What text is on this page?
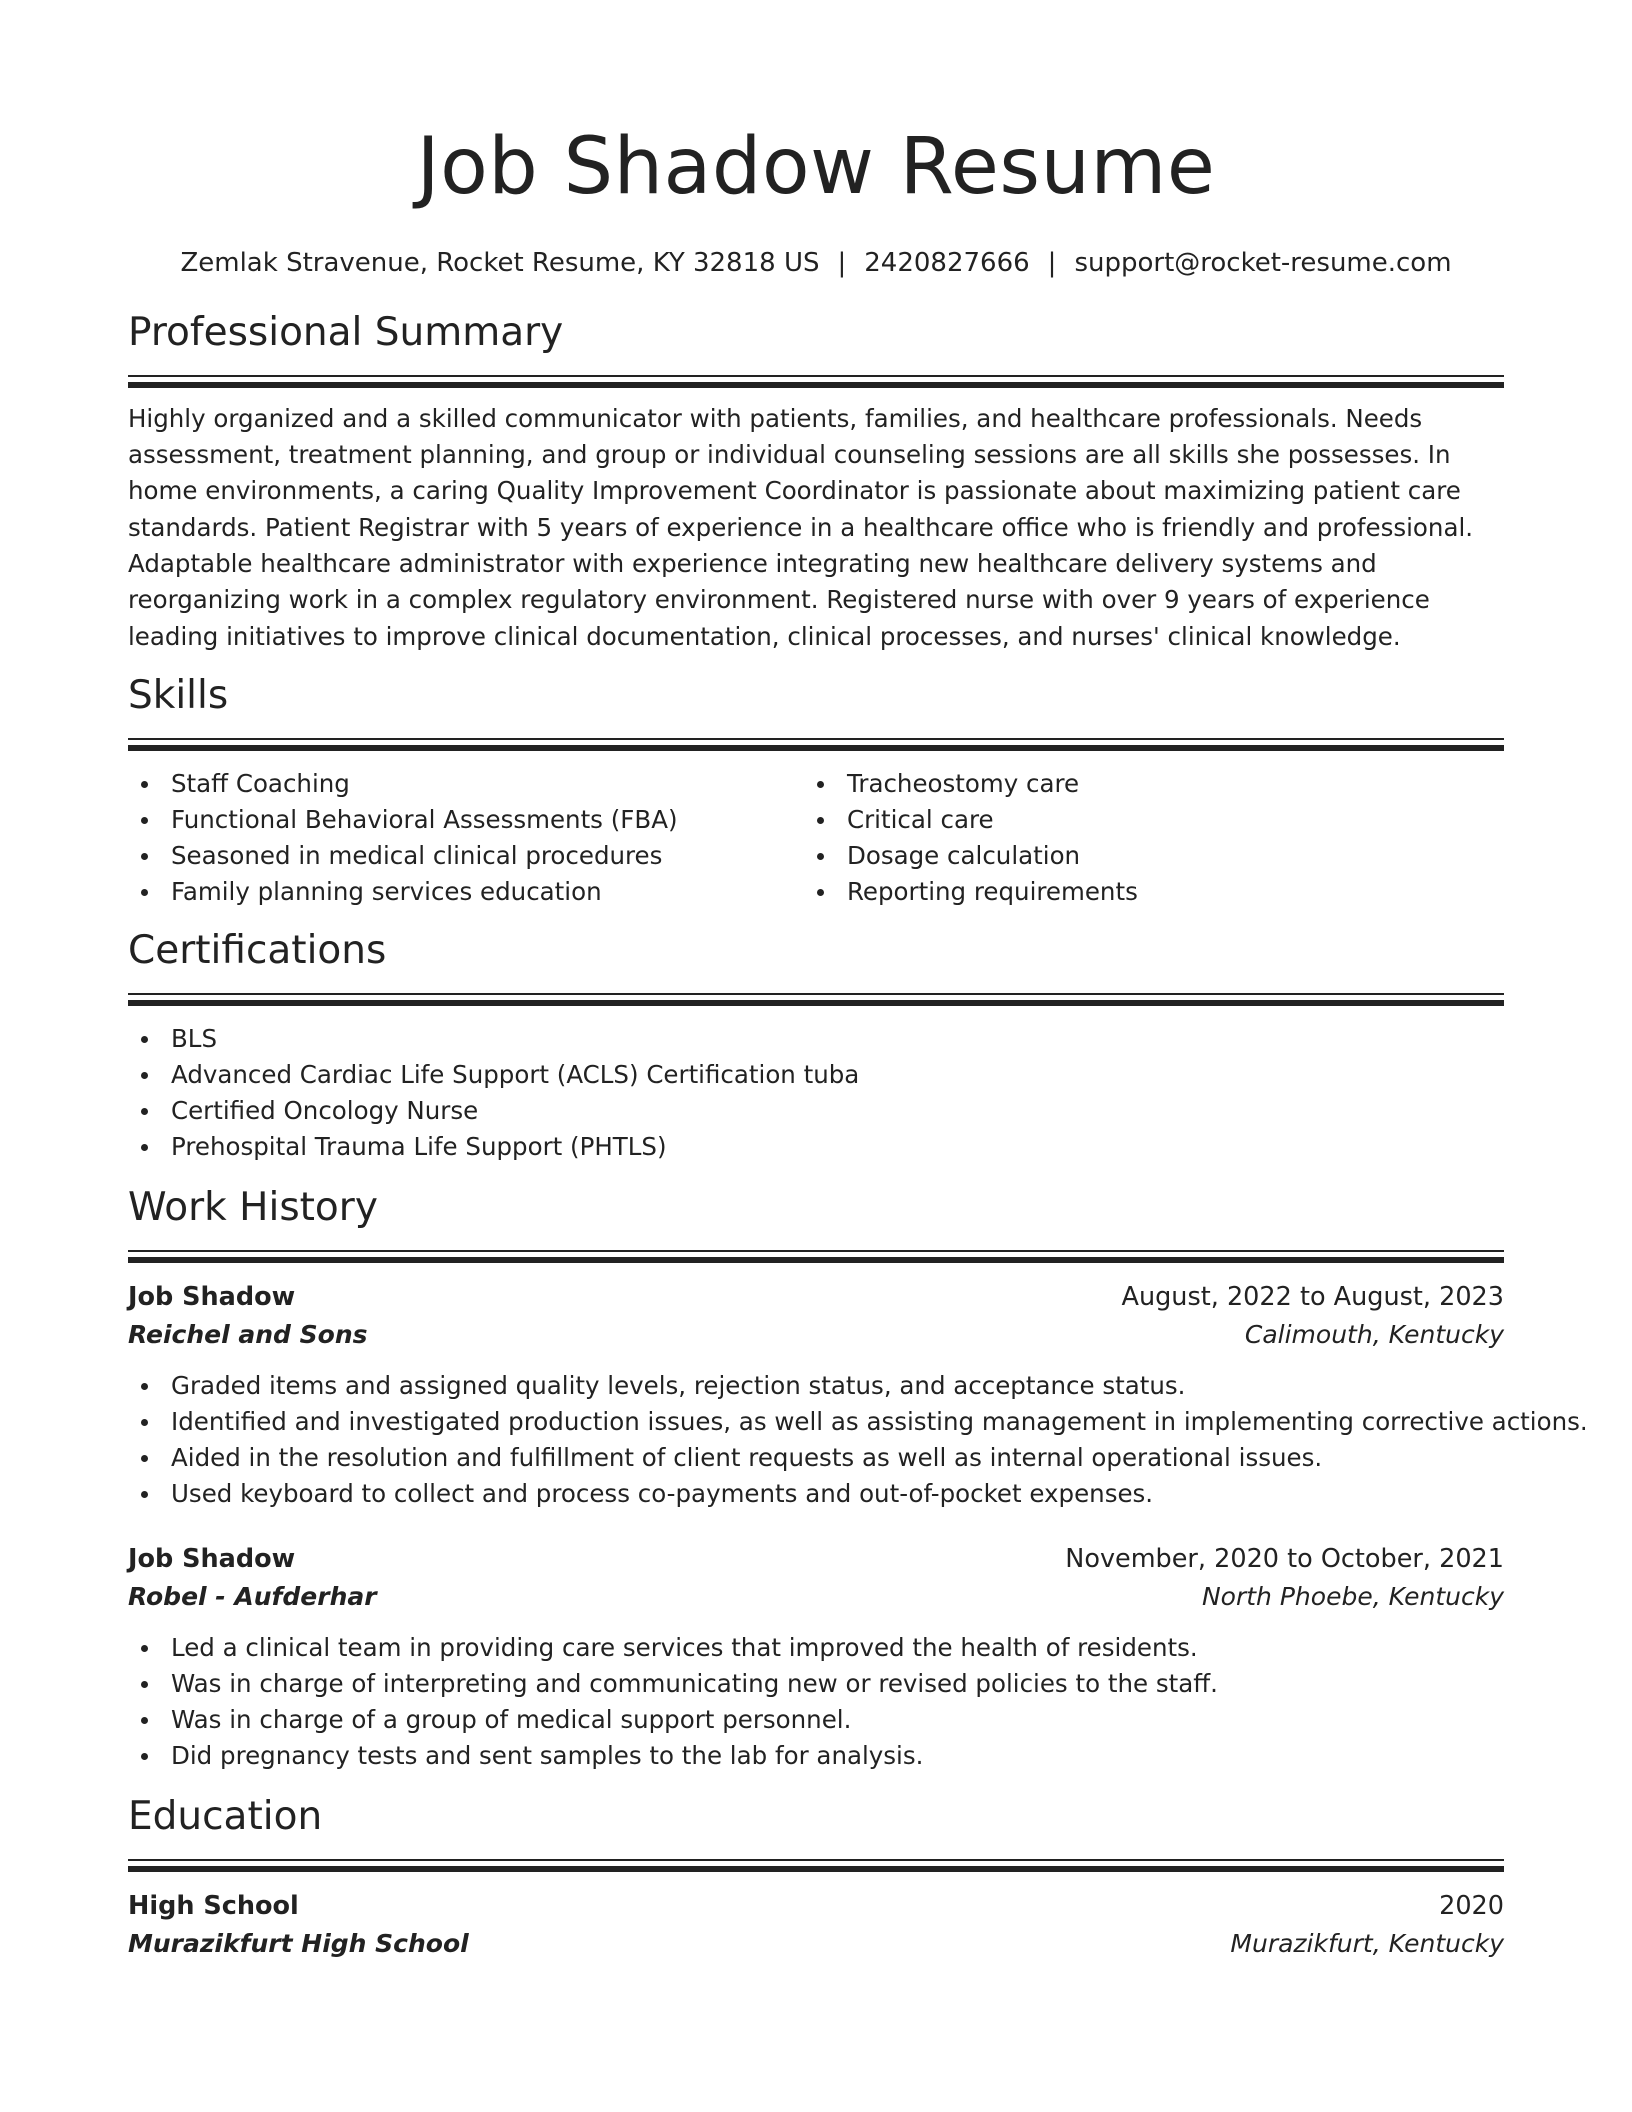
Job Shadow Resume
Zemlak Stravenue, Rocket Resume, KY 32818 US | 2420827666 | support@rocket-resume.com
Professional Summary

Highly organized and a skilled communicator with patients, families, and healthcare professionals. Needs assessment, treatment planning, and group or individual counseling sessions are all skills she possesses. In home environments, a caring Quality Improvement Coordinator is passionate about maximizing patient care standards. Patient Registrar with 5 years of experience in a healthcare office who is friendly and professional. Adaptable healthcare administrator with experience integrating new healthcare delivery systems and reorganizing work in a complex regulatory environment. Registered nurse with over 9 years of experience leading initiatives to improve clinical documentation, clinical processes, and nurses' clinical knowledge.

Skills
Staff Coaching
Functional Behavioral Assessments (FBA)
Seasoned in medical clinical procedures
Family planning services education
Tracheostomy care
Critical care
Dosage calculation
Reporting requirements
Certifications
BLS
Advanced Cardiac Life Support (ACLS) Certification tuba
Certified Oncology Nurse
Prehospital Trauma Life Support (PHTLS)
Work History
Job Shadow	August, 2022 to August, 2023
Reichel and Sons	Calimouth, Kentucky
Graded items and assigned quality levels, rejection status, and acceptance status.
Identified and investigated production issues, as well as assisting management in implementing corrective actions.
Aided in the resolution and fulfillment of client requests as well as internal operational issues.
Used keyboard to collect and process co-payments and out-of-pocket expenses.
Job Shadow	November, 2020 to October, 2021
Robel - Aufderhar	North Phoebe, Kentucky
Led a clinical team in providing care services that improved the health of residents.
Was in charge of interpreting and communicating new or revised policies to the staff.
Was in charge of a group of medical support personnel.
Did pregnancy tests and sent samples to the lab for analysis.
Education
High School	2020
Murazikfurt High School	Murazikfurt, Kentucky
